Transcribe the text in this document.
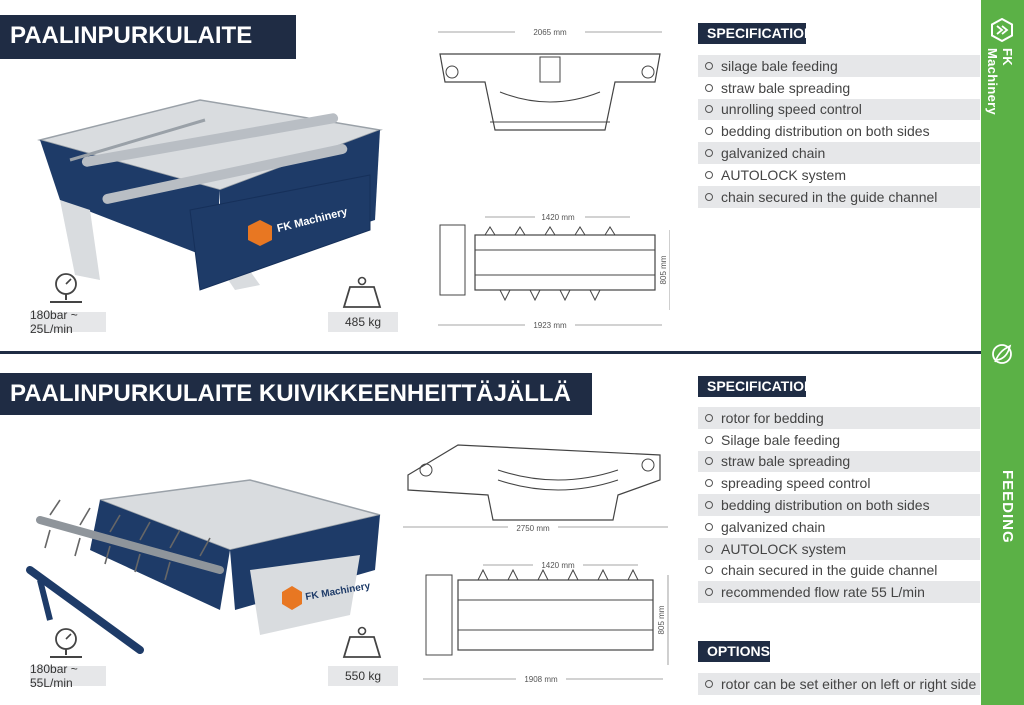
FK Machinery
FEEDING
PAALINPURKULAITE
FK Machinery
180bar ~ 25L/min	485 kg
2065 mm
1420 mm
805 mm
1923 mm
SPECIFICATION
silage bale feeding
straw bale spreading
unrolling speed control
bedding distribution on both sides
galvanized chain
AUTOLOCK system
chain secured in the guide channel
PAALINPURKULAITE KUIVIKKEENHEITTÄJÄLLÄ
FK Machinery
180bar ~ 55L/min	550 kg
2750 mm
1420 mm
805 mm
1908 mm
SPECIFICATION
rotor for bedding
Silage bale feeding
straw bale spreading
spreading speed control
bedding distribution on both sides
galvanized chain
AUTOLOCK system
chain secured in the guide channel
recommended flow rate 55 L/min
OPTIONS
rotor can be set either on left or right side
